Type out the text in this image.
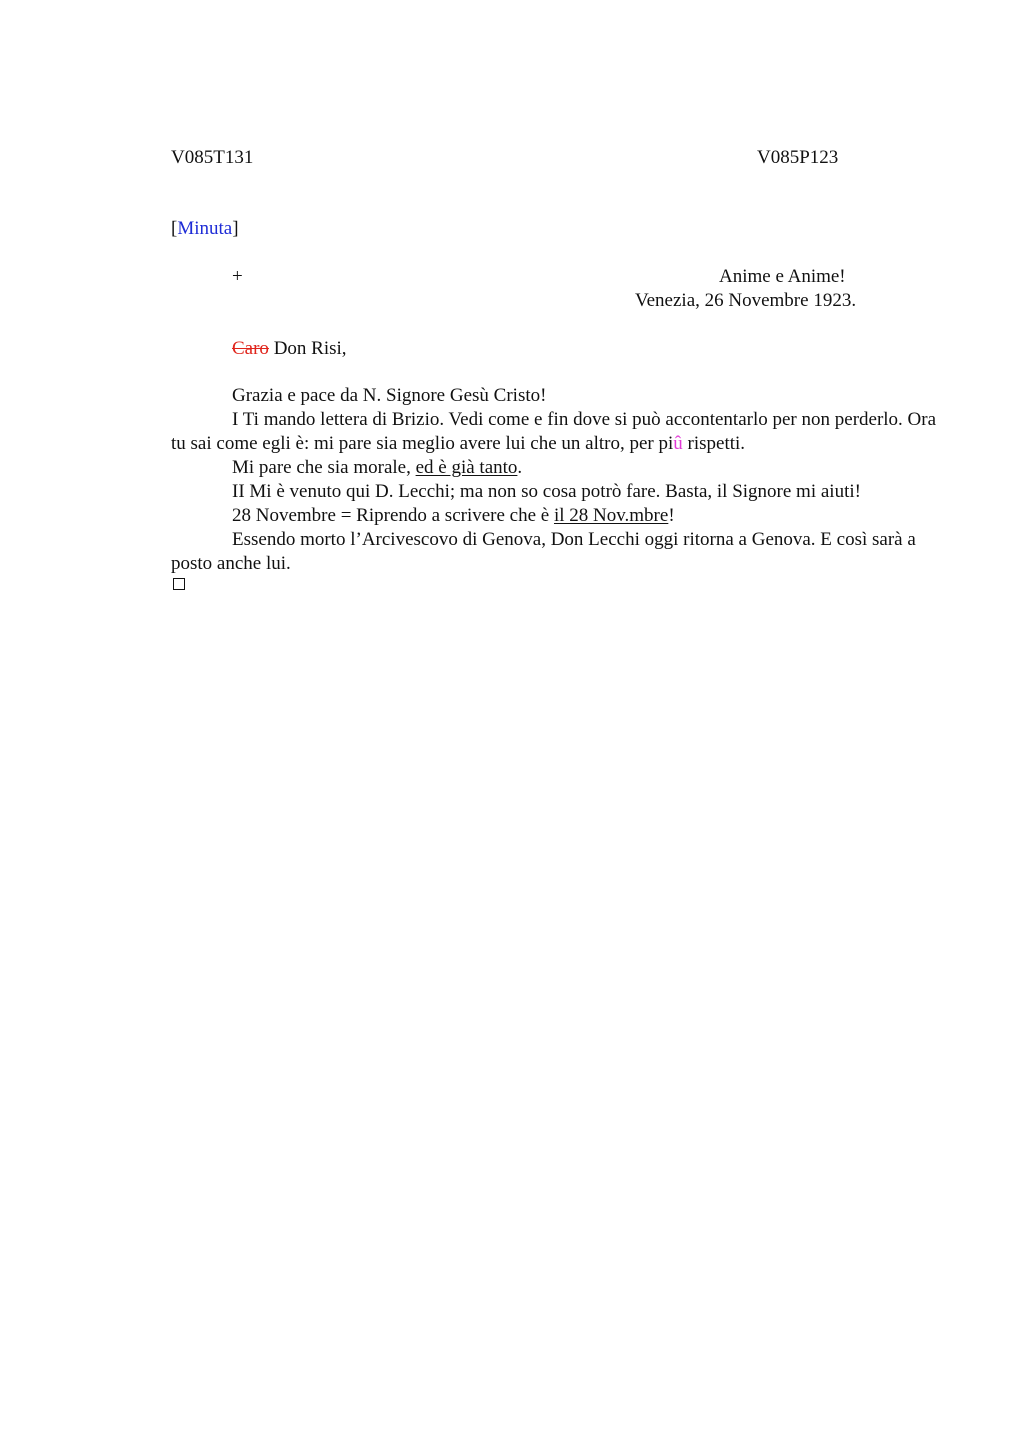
V085T131	V085P123
[Minuta]
+	Anime e Anime!
Venezia, 26 Novembre 1923.
Caro Don Risi,

Grazia e pace da N. Signore Gesù Cristo!

I Ti mando lettera di Brizio. Vedi come e fin dove si può accontentarlo per non perderlo. Ora tu sai come egli è: mi pare sia meglio avere lui che un altro, per piû rispetti.

Mi pare che sia morale, ed è già tanto.

II Mi è venuto qui D. Lecchi; ma non so cosa potrò fare. Basta, il Signore mi aiuti!

28 Novembre = Riprendo a scrivere che è il 28 Nov.mbre!

Essendo morto l’Arcivescovo di Genova, Don Lecchi oggi ritorna a Genova. E così sarà a posto anche lui.
